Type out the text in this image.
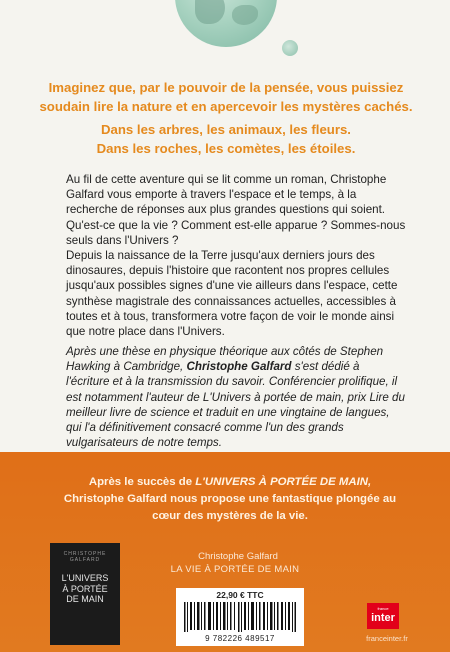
Imaginez que, par le pouvoir de la pensée, vous puissiez soudain lire la nature et en apercevoir les mystères cachés.

Dans les arbres, les animaux, les fleurs.
Dans les roches, les comètes, les étoiles.

Au fil de cette aventure qui se lit comme un roman, Christophe Galfard vous emporte à travers l'espace et le temps, à la recherche de réponses aux plus grandes questions qui soient.
Qu'est-ce que la vie ? Comment est-elle apparue ? Sommes-nous seuls dans l'Univers ?
Depuis la naissance de la Terre jusqu'aux derniers jours des dinosaures, depuis l'histoire que racontent nos propres cellules jusqu'aux possibles signes d'une vie ailleurs dans l'espace, cette synthèse magistrale des connaissances actuelles, accessibles à toutes et à tous, transformera votre façon de voir le monde ainsi que notre place dans l'Univers.

Après une thèse en physique théorique aux côtés de Stephen Hawking à Cambridge, Christophe Galfard s'est dédié à l'écriture et à la transmission du savoir. Conférencier prolifique, il est notamment l'auteur de L'Univers à portée de main, prix Lire du meilleur livre de science et traduit en une vingtaine de langues, qui l'a définitivement consacré comme l'un des grands vulgarisateurs de notre temps.

Après le succès de L'UNIVERS À PORTÉE DE MAIN,
Christophe Galfard nous propose une fantastique plongée au cœur des mystères de la vie.

CHRISTOPHE GALFARD
L'UNIVERS
À PORTÉE
DE MAIN
Christophe Galfard
LA VIE À PORTÉE DE MAIN
22,90 € TTC
9 782226 489517
france
inter
franceinter.fr
